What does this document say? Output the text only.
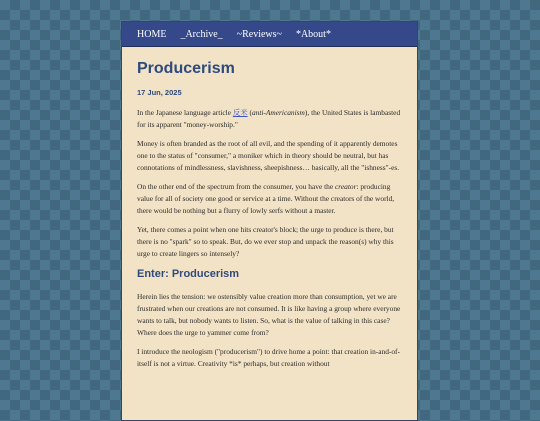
HOME _Archive_ ~Reviews~ *About*
Producerism
17 Jun, 2025

In the Japanese language article 反米 (anti-Americanism), the United States is lambasted for its apparent "money-worship."

Money is often branded as the root of all evil, and the spending of it apparently demotes one to the status of "consumer," a moniker which in theory should be neutral, but has connotations of mindlessness, slavishness, sheepishness… basically, all the "ishness"-es.

On the other end of the spectrum from the consumer, you have the creator: producing value for all of society one good or service at a time. Without the creators of the world, there would be nothing but a flurry of lowly serfs without a master.

Yet, there comes a point when one hits creator's block; the urge to produce is there, but there is no "spark" so to speak. But, do we ever stop and unpack the reason(s) why this urge to create lingers so intensely?

Enter: Producerism

Herein lies the tension: we ostensibly value creation more than consumption, yet we are frustrated when our creations are not consumed. It is like having a group where everyone wants to talk, but nobody wants to listen. So, what is the value of talking in this case? Where does the urge to yammer come from?

I introduce the neologism ("producerism") to drive home a point: that creation in-and-of-itself is not a virtue. Creativity *is* perhaps, but creation without
